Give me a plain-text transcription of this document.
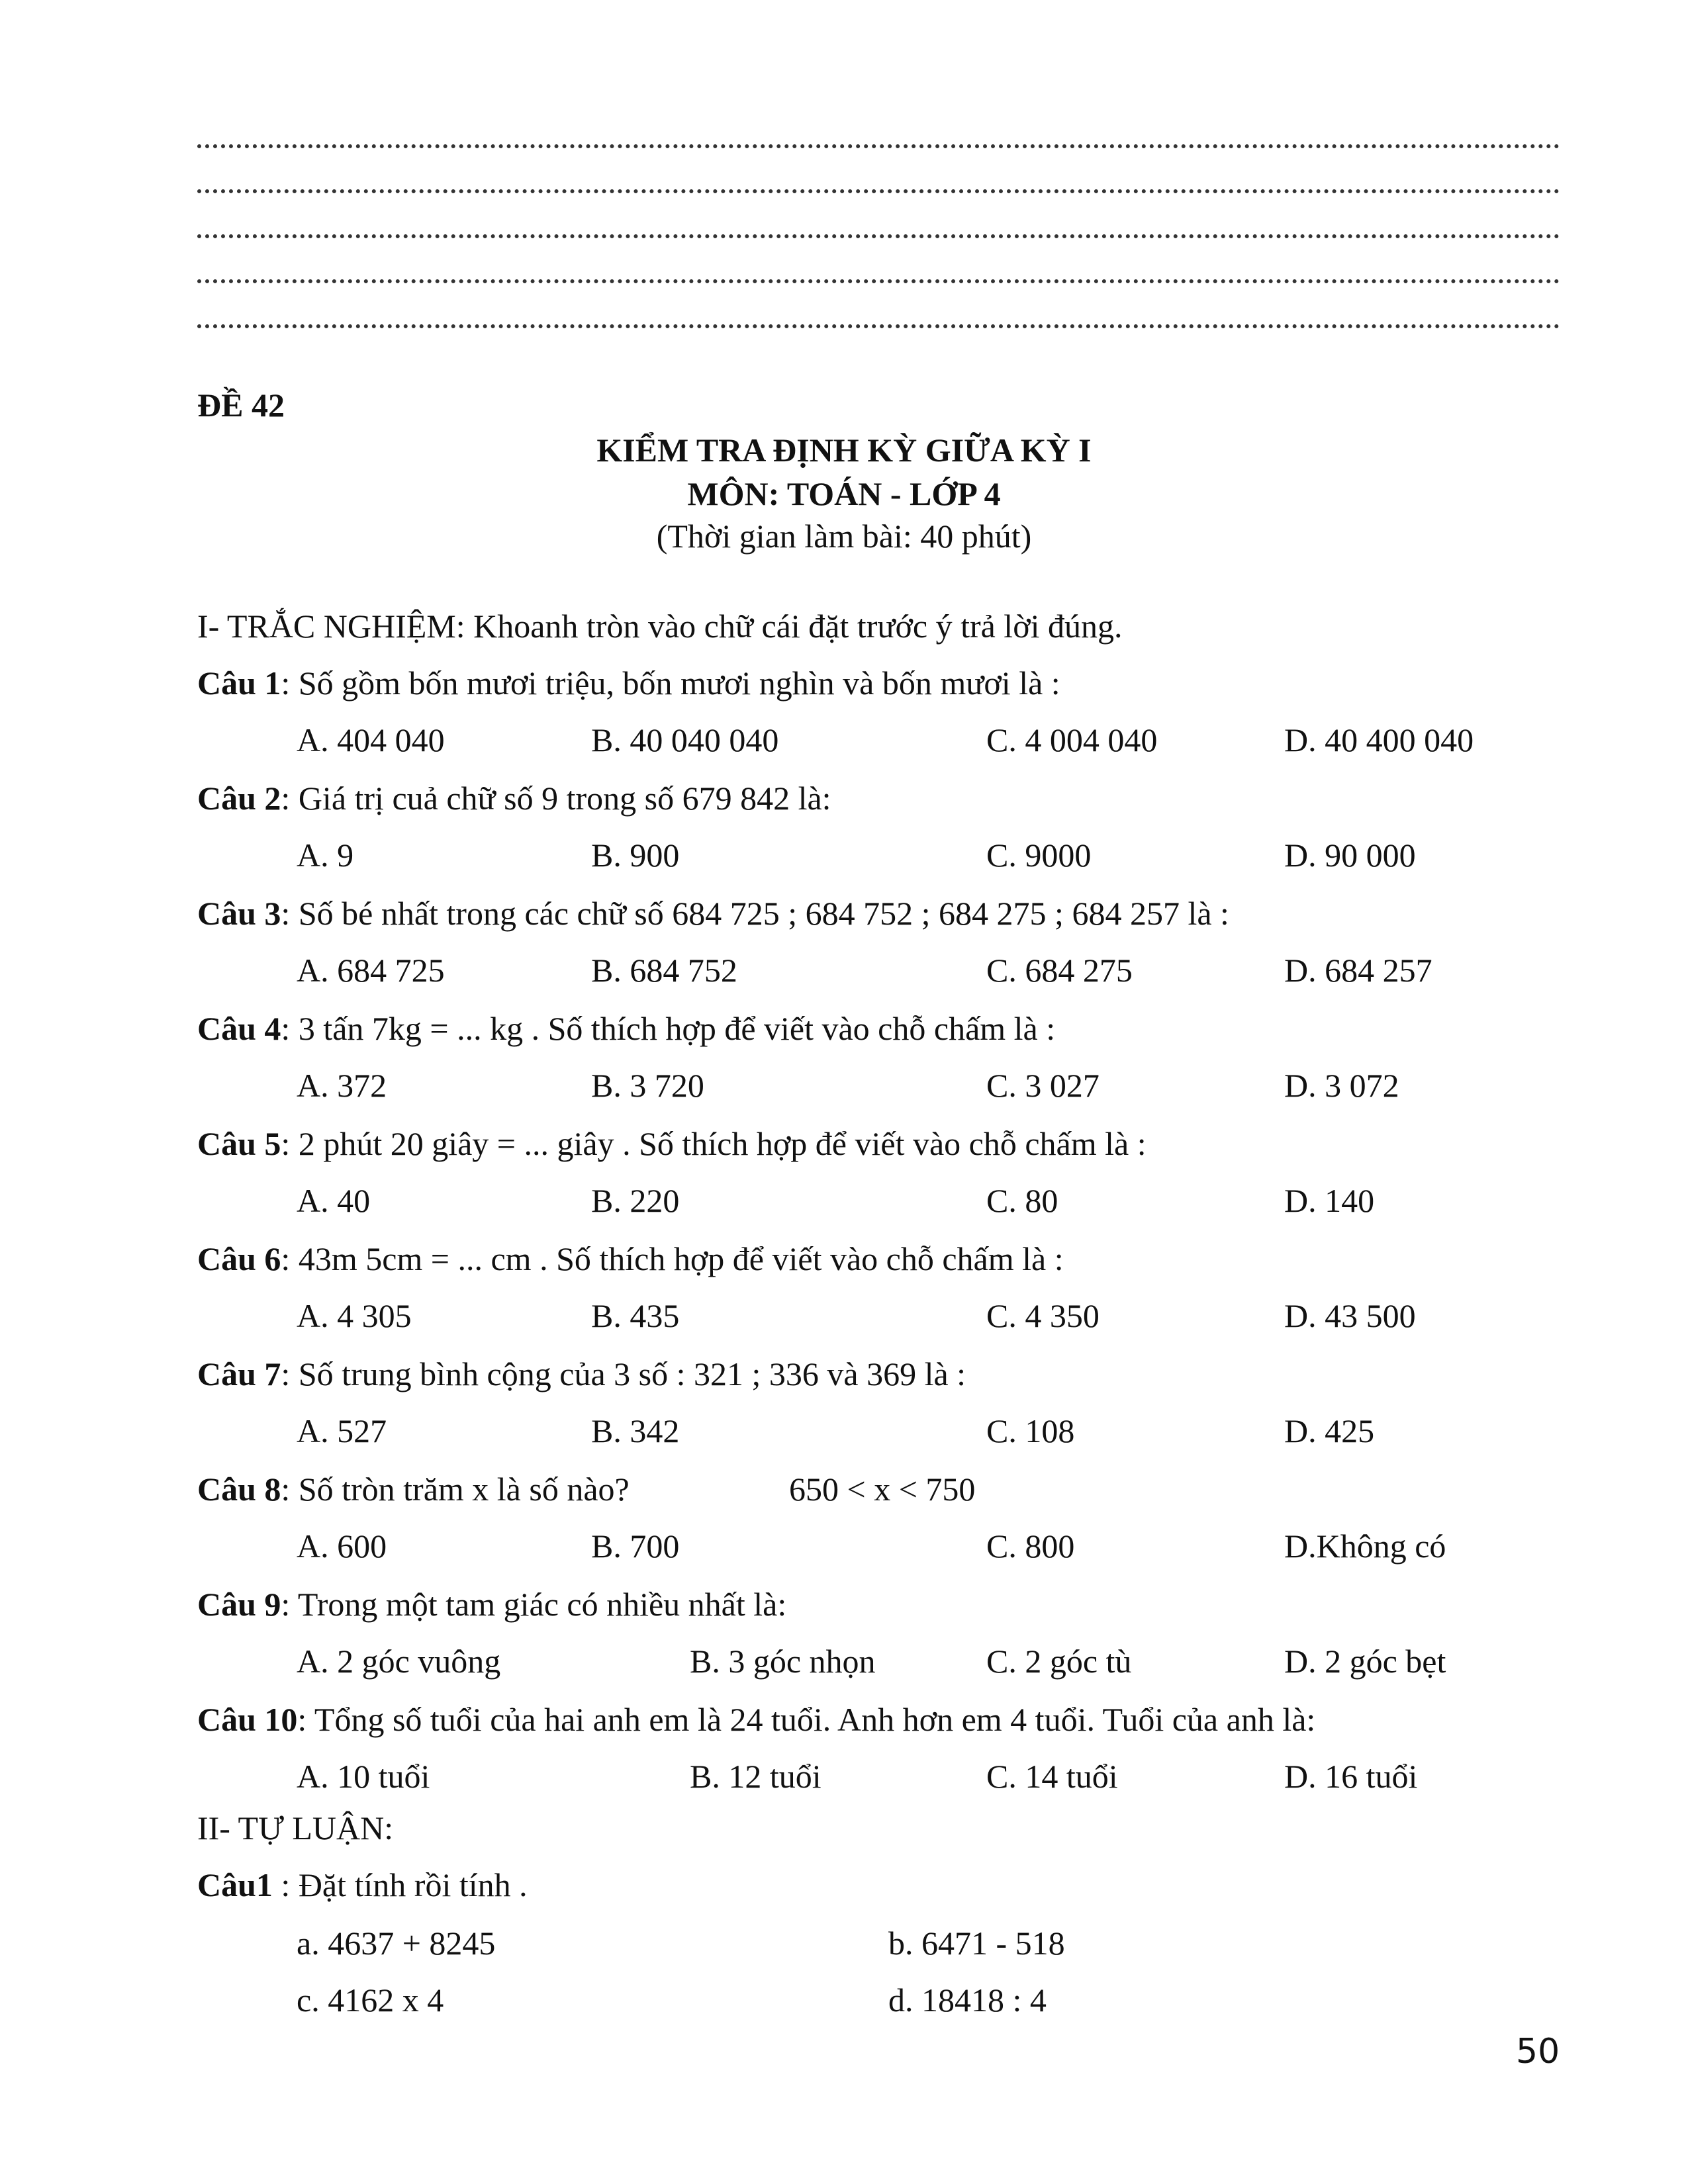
ĐỀ 42
KIỂM TRA ĐỊNH KỲ GIỮA KỲ I
MÔN: TOÁN - LỚP 4
(Thời gian làm bài: 40 phút)
I- TRẮC NGHIỆM: Khoanh tròn vào chữ cái đặt trước ý trả lời đúng.
Câu 1: Số gồm bốn mươi triệu, bốn mươi nghìn và bốn mươi là :
A. 404 040	B. 40 040 040	C. 4 004 040	D. 40 400 040
Câu 2: Giá trị cuả chữ số 9 trong số 679 842 là:
A. 9	B. 900	C. 9000	D. 90 000
Câu 3: Số bé nhất trong các chữ số 684 725 ; 684 752 ; 684 275 ; 684 257 là :
A. 684 725	B. 684 752	C. 684 275	D. 684 257
Câu 4: 3 tấn 7kg = ... kg . Số thích hợp để viết vào chỗ chấm là :
A. 372	B. 3 720	C. 3 027	D. 3 072
Câu 5: 2 phút 20 giây = ... giây . Số thích hợp để viết vào chỗ chấm là :
A. 40	B. 220	C. 80	D. 140
Câu 6: 43m 5cm = ... cm . Số thích hợp để viết vào chỗ chấm là :
A. 4 305	B. 435	C. 4 350	D. 43 500
Câu 7: Số trung bình cộng của 3 số : 321 ; 336 và 369 là :
A. 527	B. 342	C. 108	D. 425
Câu 8: Số tròn trăm x là số nào?	650 < x < 750
A. 600	B. 700	C. 800	D.Không có
Câu 9: Trong một tam giác có nhiều nhất là:
A. 2 góc vuông	B. 3 góc nhọn	C. 2 góc tù	D. 2 góc bẹt
Câu 10: Tổng số tuổi của hai anh em là 24 tuổi. Anh hơn em 4 tuổi. Tuổi của anh là:
A. 10 tuổi	B. 12 tuổi	C. 14 tuổi	D. 16 tuổi
II- TỰ LUẬN:
Câu1 : Đặt tính rồi tính .
a. 4637 + 8245	b. 6471 - 518
c. 4162 x 4	d. 18418 : 4
50
